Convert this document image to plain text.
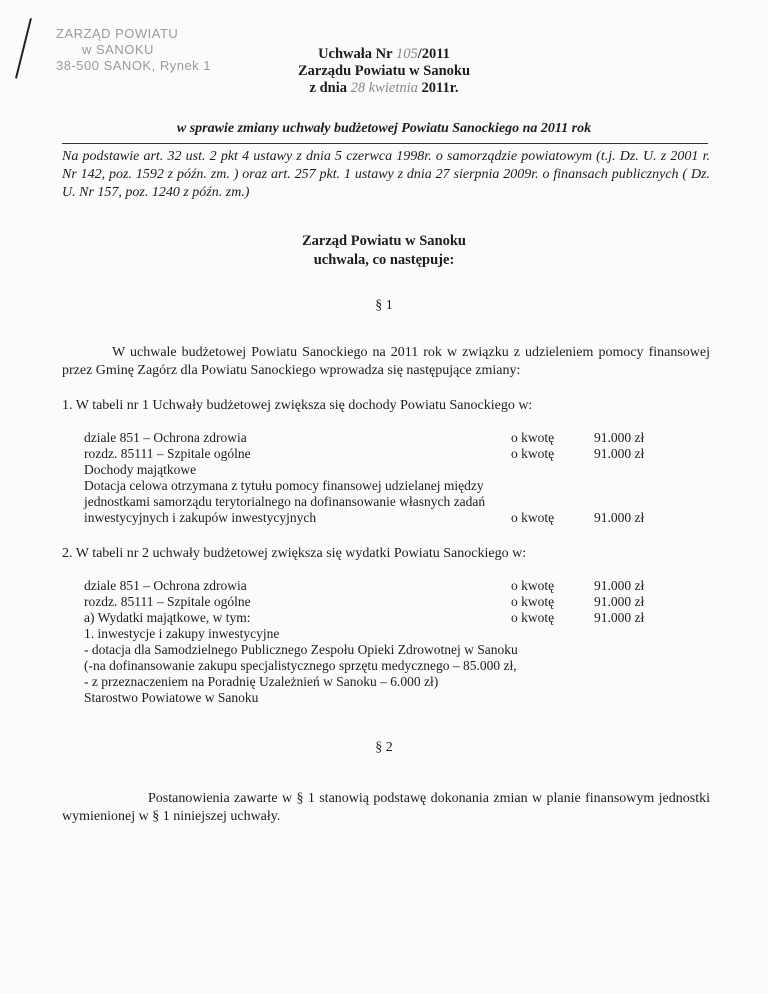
ZARZĄD POWIATU
w SANOKU
38-500 SANOK, Rynek 1
Uchwała Nr 105/2011
Zarządu Powiatu w Sanoku
z dnia 28 kwietnia 2011r.
w sprawie zmiany uchwały budżetowej Powiatu Sanockiego na 2011 rok
Na podstawie art. 32 ust. 2 pkt 4 ustawy z dnia 5 czerwca 1998r. o samorządzie powiatowym (t.j. Dz. U. z 2001 r. Nr 142, poz. 1592 z późn. zm. ) oraz art. 257 pkt. 1 ustawy z dnia 27 sierpnia 2009r. o finansach publicznych ( Dz. U. Nr 157, poz. 1240 z późn. zm.)
Zarząd Powiatu w Sanoku
uchwala, co następuje:
§ 1
W uchwale budżetowej Powiatu Sanockiego na 2011 rok w związku z udzieleniem pomocy finansowej przez Gminę Zagórz dla Powiatu Sanockiego wprowadza się następujące zmiany:
1. W tabeli nr 1 Uchwały budżetowej zwiększa się dochody Powiatu Sanockiego w:
dziale 851 – Ochrona zdrowia	o kwotę	91.000 zł
rozdz. 85111 – Szpitale ogólne	o kwotę	91.000 zł
Dochody majątkowe
Dotacja celowa otrzymana z tytułu pomocy finansowej udzielanej między
jednostkami samorządu terytorialnego na dofinansowanie własnych zadań
inwestycyjnych i zakupów inwestycyjnych	o kwotę	91.000 zł
2. W tabeli nr 2 uchwały budżetowej zwiększa się wydatki Powiatu Sanockiego w:
dziale 851 – Ochrona zdrowia	o kwotę	91.000 zł
rozdz. 85111 – Szpitale ogólne	o kwotę	91.000 zł
a) Wydatki majątkowe, w tym:	o kwotę	91.000 zł
1. inwestycje i zakupy inwestycyjne
- dotacja dla Samodzielnego Publicznego Zespołu Opieki Zdrowotnej w Sanoku
(-na dofinansowanie zakupu specjalistycznego sprzętu medycznego – 85.000 zł,
- z przeznaczeniem na Poradnię Uzależnień w Sanoku – 6.000 zł)
Starostwo Powiatowe w Sanoku
§ 2
Postanowienia zawarte w § 1 stanowią podstawę dokonania zmian w planie finansowym jednostki wymienionej w § 1 niniejszej uchwały.
